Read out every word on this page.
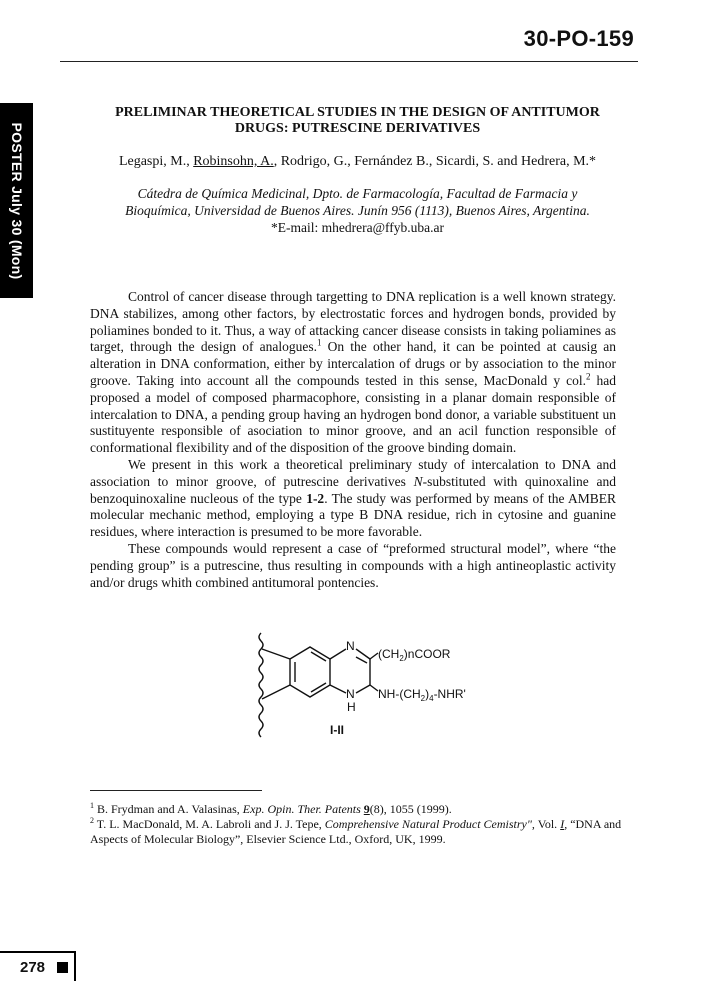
30-PO-159
POSTER July 30 (Mon)
PRELIMINAR THEORETICAL STUDIES IN THE DESIGN OF ANTITUMOR
DRUGS: PUTRESCINE DERIVATIVES
Legaspi, M., Robinsohn, A., Rodrigo, G., Fernández B., Sicardi, S. and Hedrera, M.*
Cátedra de Química Medicinal, Dpto. de Farmacología, Facultad de Farmacia y
Bioquímica, Universidad de Buenos Aires. Junín 956 (1113), Buenos Aires, Argentina.
*E-mail: mhedrera@ffyb.uba.ar

Control of cancer disease through targetting to DNA replication is a well known strategy. DNA stabilizes, among other factors, by electrostatic forces and hydrogen bonds, provided by poliamines bonded to it. Thus, a way of attacking cancer disease consists in taking poliamines as target, through the design of analogues.$^1$ On the other hand, it can be pointed at causig an alteration in DNA conformation, either by intercalation of drugs or by association to the minor groove. Taking into account all the compounds tested in this sense, MacDonald y col.$^2$ had proposed a model of composed pharmacophore, consisting in a planar domain responsible of intercalation to DNA, a pending group having an hydrogen bond donor, a variable substituent un sustituyente responsible of asociation to minor groove, and an acil function responsible of conformational flexibility and of the disposition of the groove binding domain.

We present in this work a theoretical preliminary study of intercalation to DNA and association to minor groove, of putrescine derivatives N-substituted with quinoxaline and benzoquinoxaline nucleous of the type 1-2. The study was performed by means of the AMBER molecular mechanic method, employing a type B DNA residue, rich in cytosine and guanine residues, where interaction is presumed to be more favorable.

These compounds would represent a case of “preformed structural model”, where “the pending group” is a putrescine, thus resulting in compounds with a high antineoplastic activity and/or drugs whith combined antitumoral pontencies.

N
N
H
$(CH_2)nCOOR$
$NH-(CH_2)_4-NHR'$
I-II
$^1$ B. Frydman and A. Valasinas, Exp. Opin. Ther. Patents 9(8), 1055 (1999).
$^2$ T. L. MacDonald, M. A. Labroli and J. J. Tepe, Comprehensive Natural Product Cemistry", Vol. I, “DNA and Aspects of Molecular Biology”, Elsevier Science Ltd., Oxford, UK, 1999.
278
